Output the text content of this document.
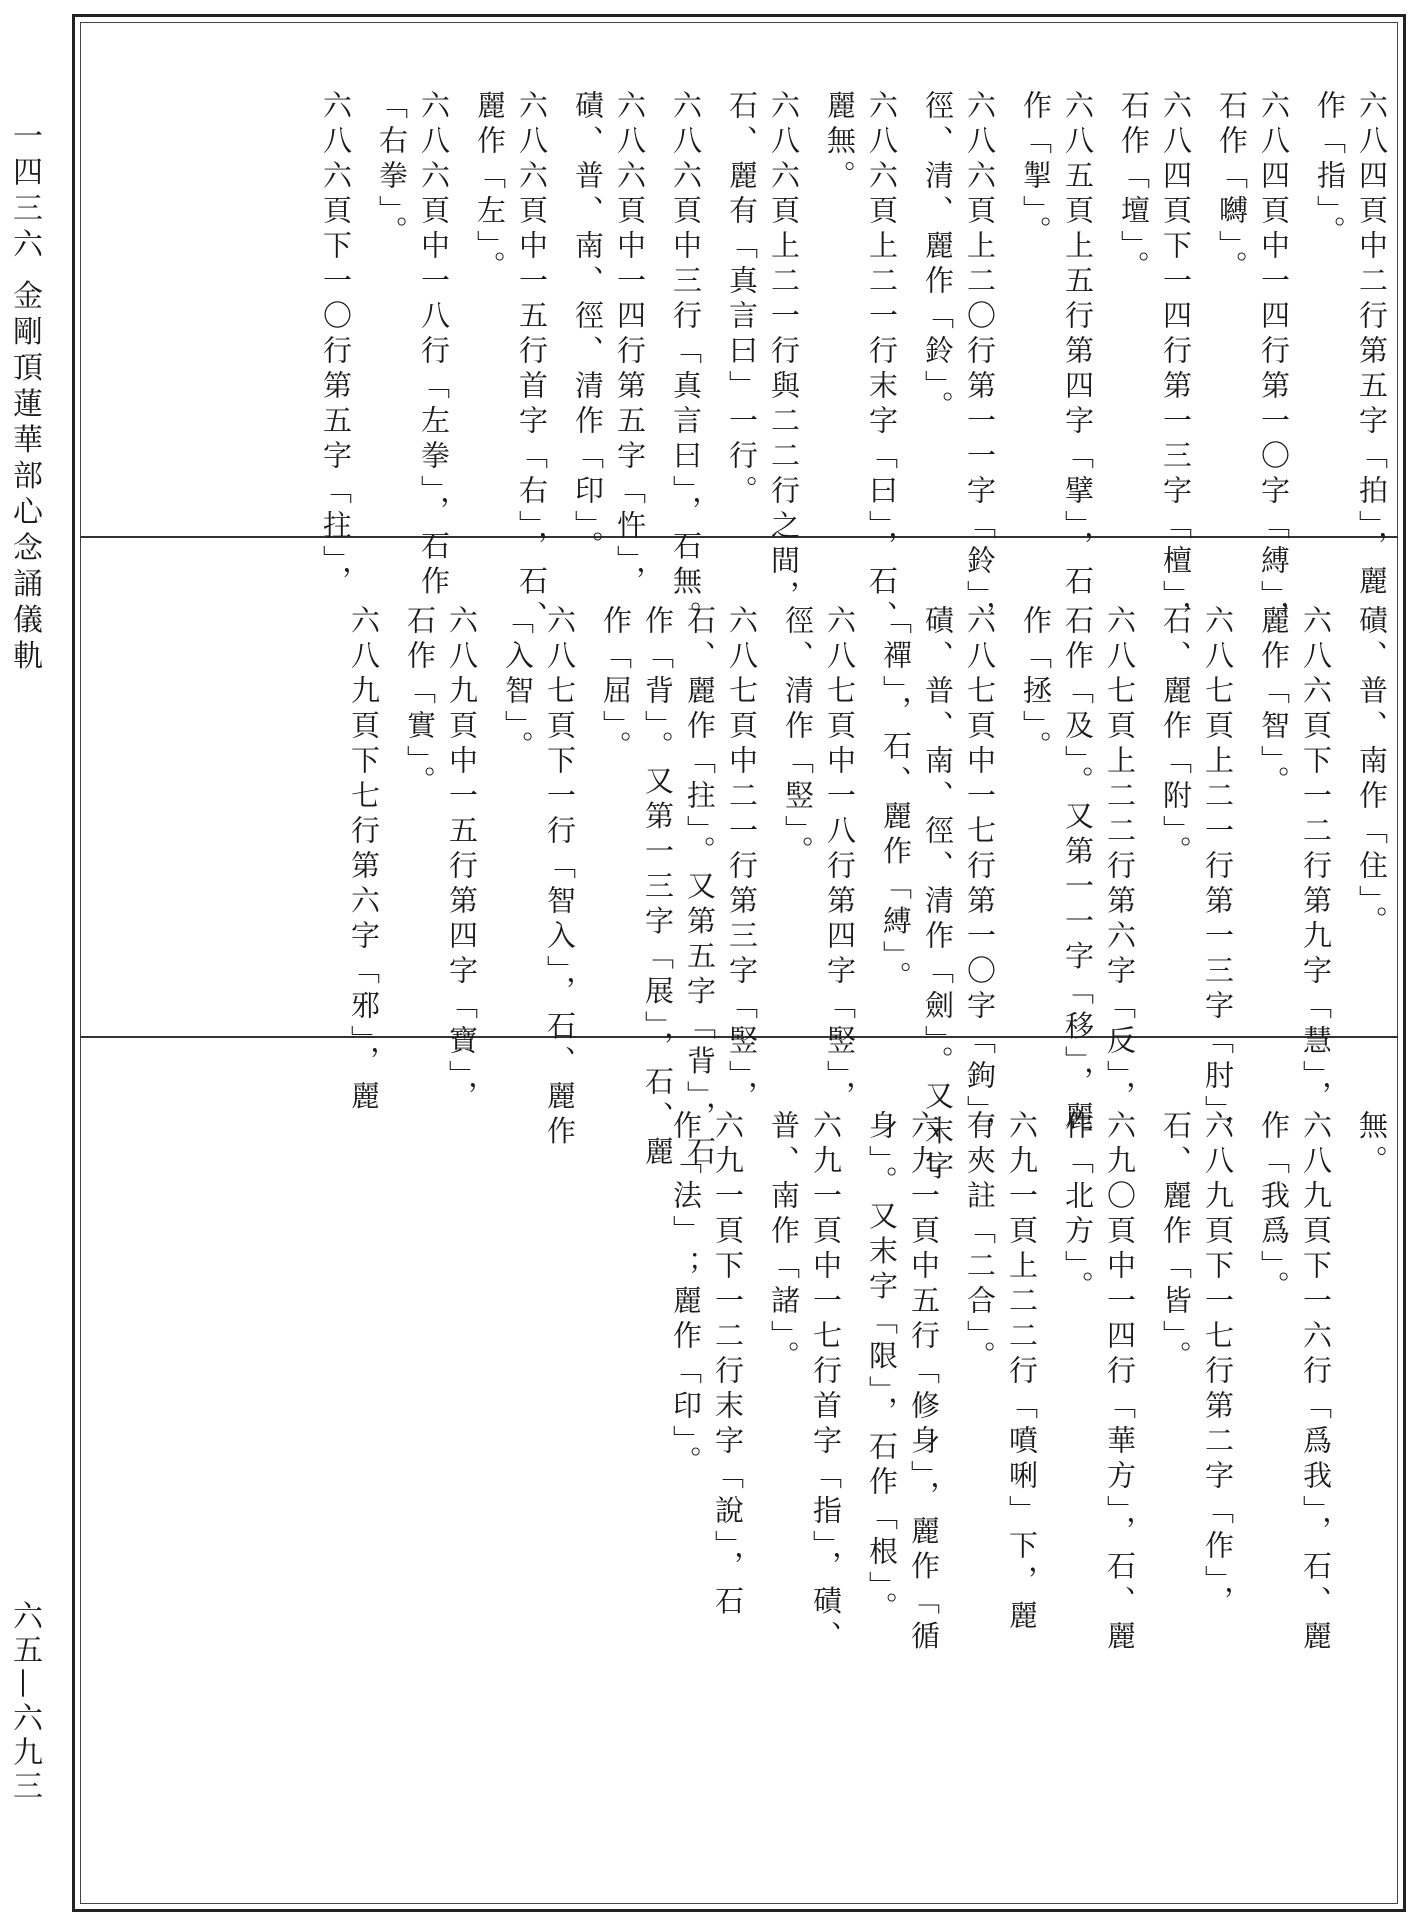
一四三六 金剛頂蓮華部心念誦儀軌
六五—六九三
六八四頁中二行第五字「拍」，麗
作「指」。
六八四頁中一四行第一〇字「縛」，
石作「嚩」。
六八四頁下一四行第一三字「檀」，
石作「壇」。
六八五頁上五行第四字「擘」，石
作「掣」。
六八六頁上二〇行第一一字「鈴」，
徑、清、麗作「鈴」。
六八六頁上二一行末字「曰」，石、
麗無。
六八六頁上二一行與二二行之間，
石、麗有「真言曰」一行。
六八六頁中三行「真言曰」，石無。
六八六頁中一四行第五字「忤」，
磧、普、南、徑、清作「印」。
六八六頁中一五行首字「右」，石、
麗作「左」。
六八六頁中一八行「左拳」，石作
「右拳」。
六八六頁下一〇行第五字「拄」，
磧、普、南作「住」。
六八六頁下一二行第九字「慧」，
麗作「智」。
六八七頁上二一行第一三字「肘」，
石、麗作「附」。
六八七頁上二二行第六字「反」，
石作「及」。又第一一字「移」，麗
作「拯」。
六八七頁中一七行第一〇字「鉤」，
磧、普、南、徑、清作「劍」。又末字
「禪」，石、麗作「縛」。
六八七頁中一八行第四字「竪」，
徑、清作「竪」。
六八七頁中二一行第三字「竪」，
石、麗作「拄」。又第五字「背」，石
作「背」。又第一三字「展」，石、麗
作「屈」。
六八七頁下一行「智入」，石、麗作
「入智」。
六八九頁中一五行第四字「寶」，
石作「實」。
六八九頁下七行第六字「邪」，麗
無。
六八九頁下一六行「爲我」，石、麗
作「我爲」。
六八九頁下一七行第二字「作」，
石、麗作「皆」。
六九〇頁中一四行「華方」，石、麗
作「北方」。
六九一頁上二二行「噴唎」下，麗
有夾註「二合」。
六九一頁中五行「修身」，麗作「循
身」。又末字「限」，石作「根」。
六九一頁中一七行首字「指」，磧、
普、南作「諸」。
六九一頁下一二行末字「說」，石
作「法」；麗作「印」。
